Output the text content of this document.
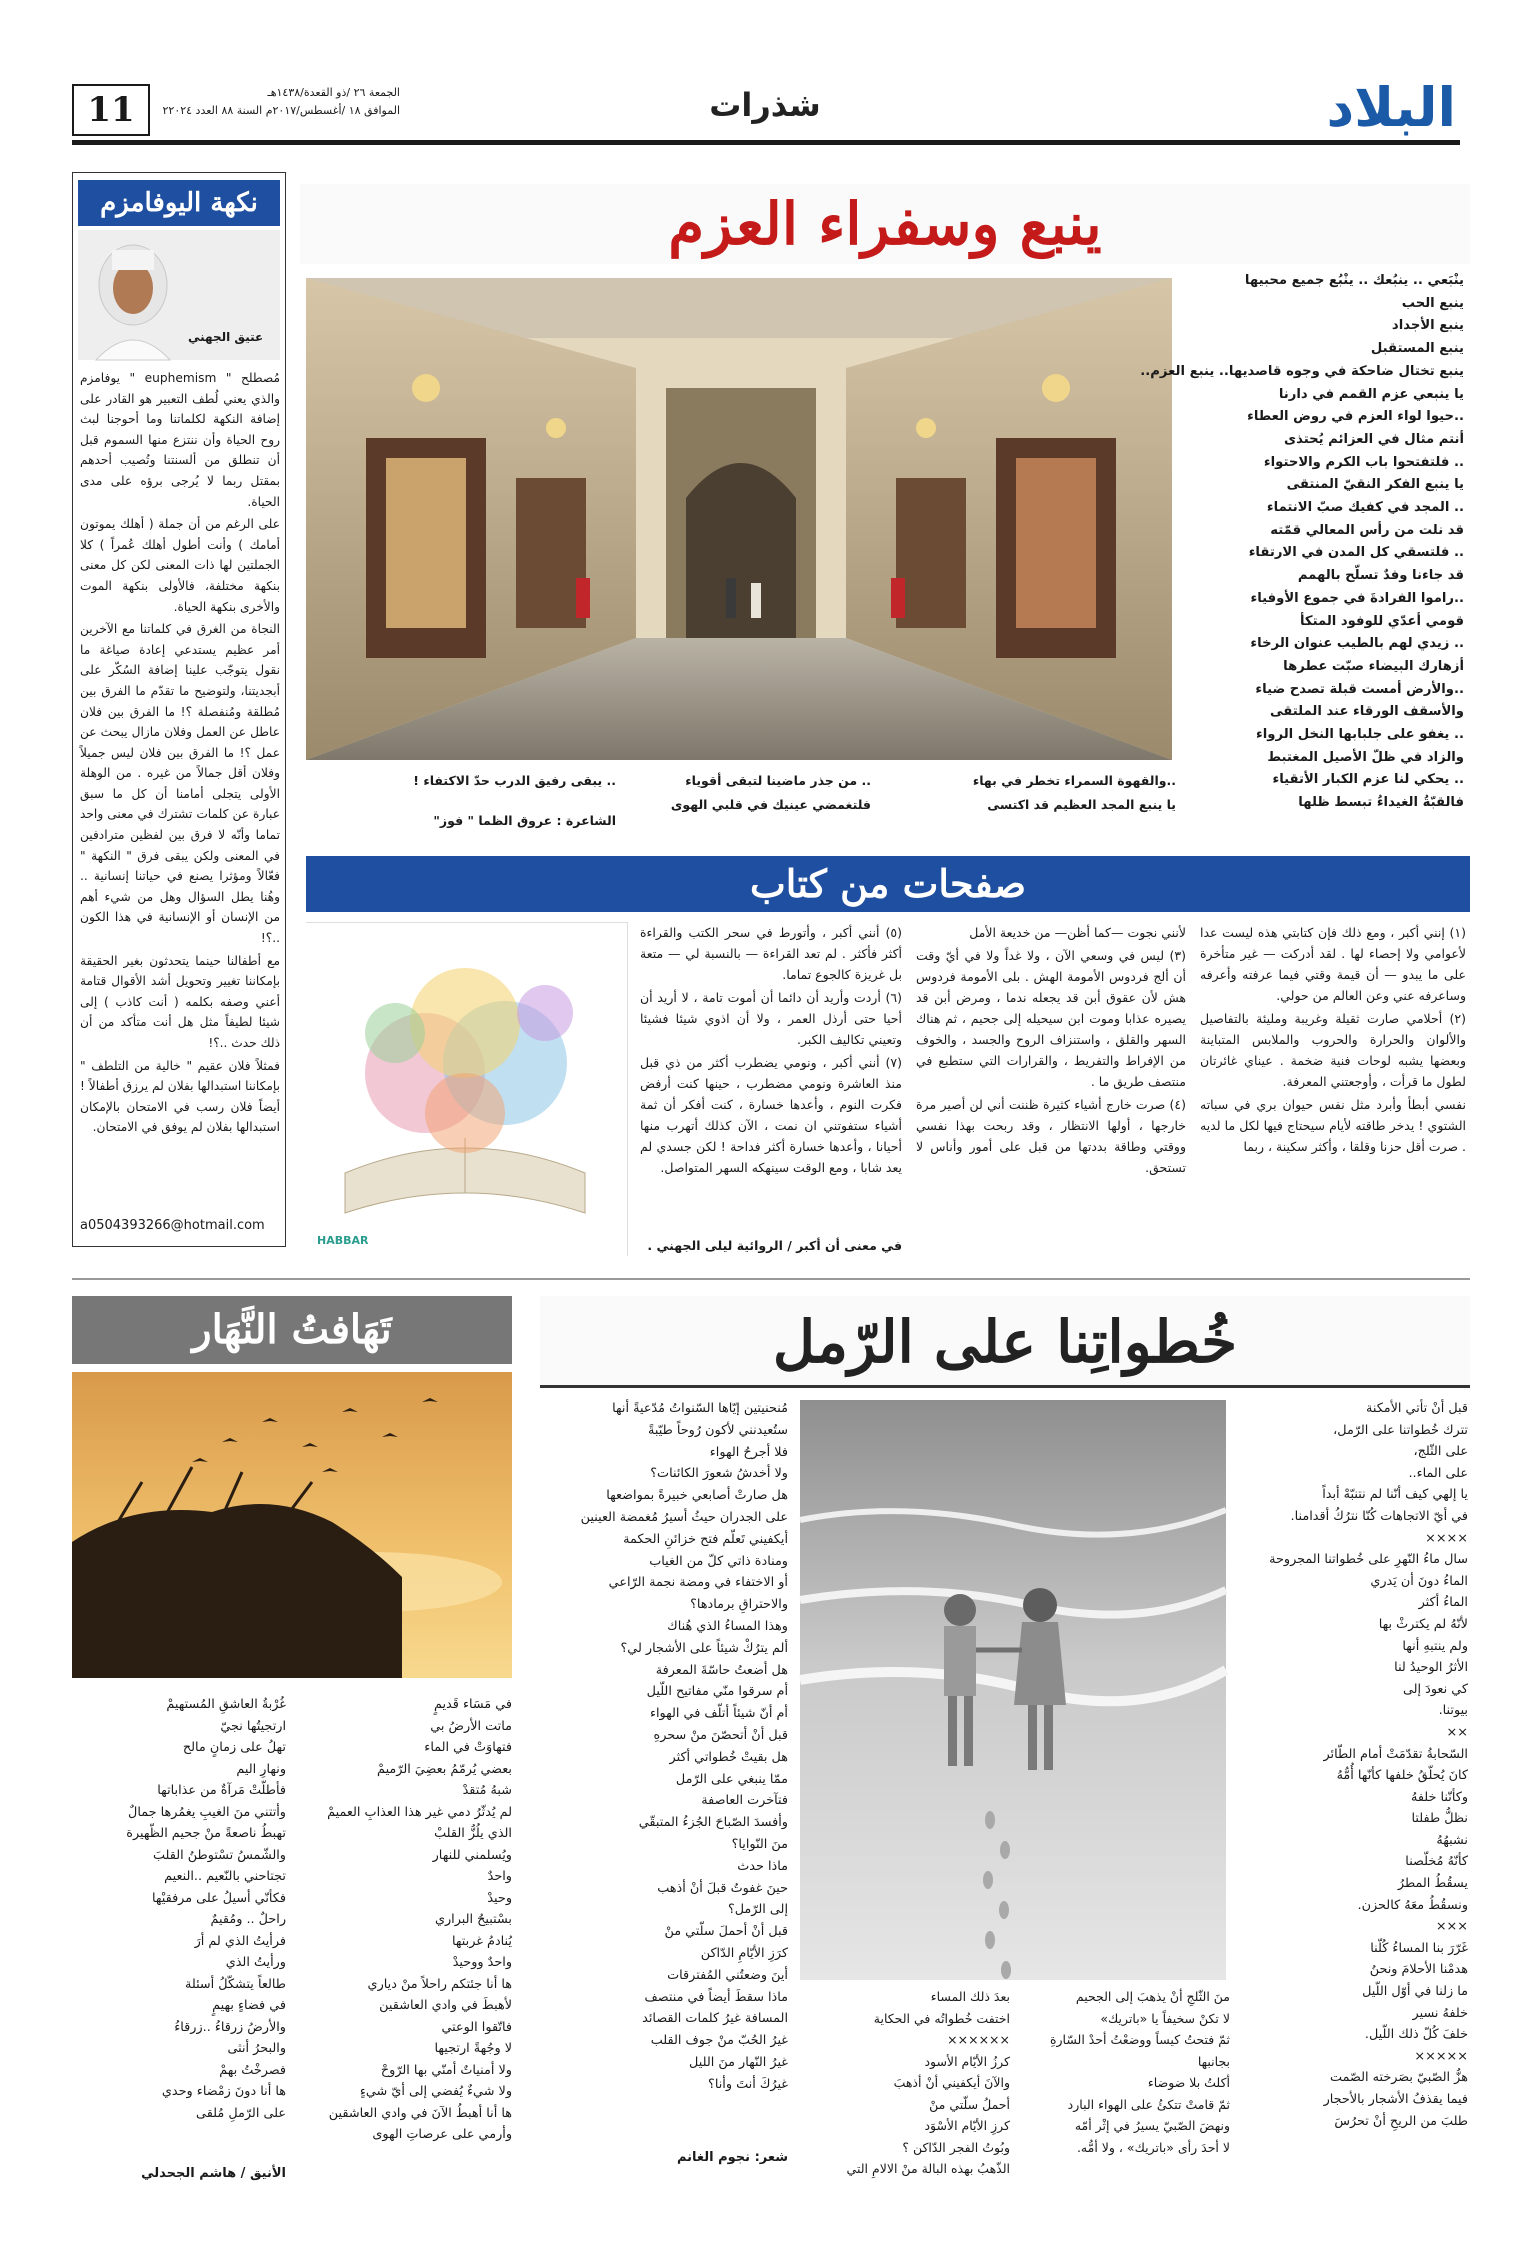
البلاد
شذرات
11	الجمعة ٢٦ /ذو القعدة/١٤٣٨هـ
الموافق ١٨ /أغسطس/٢٠١٧م السنة ٨٨ العدد ٢٢٠٢٤
ينبع وسفراء العزم
ينْبَعي .. ينبُعك .. ينْبُع جميع محبيها
ينبع الحب
ينبع الأجداد
ينبع المستقبل
ينبع تختال ضاحكة في وجوه قاصديها.. ينبع العزم..
يا ينبعي عزم القمم في دارنا
..حيوا لواء العزم في روض العطاء
أنتم مثال في العزائم يُحتذى
.. فلتفتحوا باب الكرم والاحتواء
يا ينبع الفكر النقيّ المنتقى
.. المجد في كفيك صبّ الانتماء
قد نلت من رأس المعالي قمّته
.. فلتسقي كل المدن في الارتقاء
قد جاءنا وفدٌ تسلّح بالهمم
..راموا الفرادةَ في جموع الأوفياء
قومي أعدّي للوفود المتكأ
.. زيدي لهم بالطيب عنوان الرخاء
أزهارك البيضاء صبّت عطرها
..والأرض أمست قبلة تصدح ضياء
والأسقف الورقاء عند الملتقى
.. يغفو على جلبابها النخل الرواء
والزاد في ظلّ الأصيل المغتبط
.. يحكي لنا عزم الكبار الأتقياء
فالقبّةُ الغيداءُ تبسط ظلها
..والقهوة السمراء تخطر في بهاء
يا ينبع المجد العظيم قد اكتسى
.. من جذر ماضينا لتبقى أقوياء
فلتغمضي عينيك في قلبي الهوى
.. يبقى رفيق الدرب حدّ الاكتفاء !
الشاعرة : عروق الظما " فوز"
نكهة اليوفامزم
عتيق الجهني

مُصطلح " euphemism " يوفامزم والذي يعني لُطف التعبير هو القادر على إضافة النكهة لكلماتنا وما أحوجنا لبث روح الحياة وأن ننتزع منها السموم قبل أن تنطلق من ألسنتنا وتُصيب أحدهم بمقتل ربما لا يُرجى برؤه على مدى الحياة.

على الرغم من أن جملة ( أهلك يموتون أمامك ) وأنت أطول أهلك عُمراً ) كلا الجملتين لها ذات المعنى لكن كل معنى بنكهة مختلفة، فالأولى بنكهة الموت والأخرى بنكهة الحياة.

النجاة من الغرق في كلماتنا مع الآخرين أمر عظيم يستدعي إعادة صياغة ما نقول يتوجّب علينا إضافة السُكّر على أبجديتنا، ولتوضيح ما تقدّم ما الفرق بين مُطلقة ومُنفصلة ؟! ما الفرق بين فلان عاطل عن العمل وفلان مازال يبحث عن عمل ؟! ما الفرق بين فلان ليس جميلاً وفلان أقل جمالاً من غيره . من الوهلة الأولى يتجلى أمامنا أن كل ما سبق عبارة عن كلمات تشترك في معنى واحد تماما وأنّه لا فرق بين لفظين مترادفين في المعنى ولكن يبقى فرق " النكهة " فعّالاً ومؤثرا يصنع في حياتنا إنسانية .. وهُنا يطل السؤال وهل من شيء أهم من الإنسان أو الإنسانية في هذا الكون ..؟!

مع أطفالنا حينما يتحدثون بغير الحقيقة بإمكاننا تغيير وتحويل أشد الأقوال قتامة أعني وصفه بكلمه ( أنت كاذب ) إلى شيئا لطيفاً مثل هل أنت متأكد من أن ذلك حدث ..؟!

فمثلاً فلان عقيم " خالية من التلطف " بإمكاننا استبدالها بفلان لم يرزق أطفالاً ! أيضاً فلان رسب في الامتحان بالإمكان استبدالها بفلان لم يوفق في الامتحان.

a0504393266@hotmail.com
صفحات من كتاب

(١) إنني أكبر ، ومع ذلك فإن كتابتي هذه ليست عدا لأعوامي ولا إحصاء لها . لقد أدركت — غير متأخرة على ما يبدو — أن قيمة وقتي فيما عرفته وأعرفه وساعرفه عني وعن العالم من حولي.

(٢) أحلامي صارت ثقيلة وغريبة ومليئة بالتفاصيل والألوان والحرارة والحروب والملابس المتباينة وبعضها يشبه لوحات فنية ضخمة . عيناي غائرتان لطول ما قرأت ، وأوجعتني المعرفة.

نفسي أبطأ وأبرد مثل نفس حيوان بري في سباته الشتوي ! يدخر طاقته لأيام سيحتاج فيها لكل ما لديه . صرت أقل حزنا وقلقا ، وأكثر سكينة ، ربما

لأنني نجوت —كما أظن— من خديعة الأمل

(٣) ليس في وسعي الآن ، ولا غداً ولا في أيّ وقت أن ألج فردوس الأمومة الهش . بلى الأمومة فردوس هش لأن عقوق أبن قد يجعله ندما ، ومرض أبن قد يصيره عذابا وموت ابن سيحيله إلى جحيم ، ثم هناك السهر والقلق ، واستنزاف الروح والجسد ، والخوف من الإفراط والتفريط ، والقرارات التي ستطبع في منتصف طريق ما .

(٤) صرت خارج أشياء كثيرة ظننت أني لن أصير مرة خارجها ، أولها الانتظار ، وقد ربحت بهذا نفسي ووقتي وطاقة بددتها من قبل على أمور وأناس لا تستحق.

(٥) أنني أكبر ، وأتورط في سحر الكتب والقراءة أكثر فأكثر . لم تعد القراءة — بالنسبة لي — متعة بل غريزة كالجوع تماما.

(٦) أردت وأريد أن دائما أن أموت تامة ، لا أريد أن أحيا حتى أرذل العمر ، ولا أن اذوي شيئا فشيئا وتعيني تكاليف الكبر.

(٧) أنني أكبر ، ونومي يضطرب أكثر من ذي قبل منذ العاشرة ونومي مضطرب ، حينها كنت أرفض فكرت النوم ، وأعدها خسارة ، كنت أفكر أن ثمة أشياء ستفوتني ان نمت ، الآن كذلك أتهرب منها أحيانا ، وأعدها خسارة أكثر فداحة ! لكن جسدي لم يعد شابا ، ومع الوقت سينهكه السهر المتواصل.

في معنى أن أكبر / الروائية ليلى الجهني .
HABBAR
خُطواتِنا على الرّمل
قبل أنْ تأتي الأمكنة
تترك خُطواتنا على الرّمل،
على الثّلج،
على الماء..
يا إلهي كيف أنّنا لم نتنبّهْ أبداً
في أيّ الاتجاهات كُنّا نترُكُ أقدامنا.
××××
سال ماءُ النّهرِ على خُطواتنا المجروحة
الماءُ دونَ أن يَدري
الماءُ أكثر
لأنّهُ لم يكترثْ بها
ولم ينتبهِ أنها
الأثرُ الوحيدُ لنا
كي نعودَ إلى
بيوتنا.
××
السّحابةُ تقدّمَتْ أمام الطّائر
كانَ يُحلّقُ خلفها كأنّها أُمُّهُ
وكأنّنا خلفهُ
نظلُّ طفلتا
نشبهُهُ
كأنّهُ مُخلّصنا
يسقُطُ المطرُ
ونسقُطُ معَهُ كالحزن.
×××
غَرّرَ بنا المساءُ كُلّنا
هدمْنا الأحلامَ ونحنُ
ما زلنا في أوّل اللّيل
خلفهُ نسير
خلفَ كُلّ ذلك اللّيل.
×××××
هزُّ الصّبيّ بصَرخته الصّمت
فيما يقذفُ الأشجار بالأحجار
طلبَ من الريحِ أنْ تحرُسَ
مُنحنيتين إيّاها السّنواتُ مُدّعيةً أنها
ستُعيدنني لأكون رُوحاً طيّبةً
فلا أجرحُ الهواء
ولا أخدشُ شعورَ الكائنات؟
هل صارتْ أصابعي خبيرةً بمواضعها
على الجدران حيثُ أسيرُ مُغمضة العينين
أيكفيني تَعلّم فتح خزائنِ الحكمة
ومنادة ذاتي كلّ من الغياب
أو الاختفاء في ومضة نجمة الرّاعي
والاحتراقِ برمادها؟
وهذا المساءُ الذي هُناك
ألم يترُكْ شيئاً على الأشجار لي؟
هل أضعتُ حاسّةَ المعرفة
أم سرقوا منّي مفاتيح اللّيل
أم أنّ شيئاً أتلّف في الهواء
قبل أنْ أتحصّنَ منْ سحرهِ
هل بقيتْ خُطواتي أكثر
ممّا ينبغي على الرّمل
فتآخرت العاصفة
وأفسدَ الصّباحَ الجُزءُ المتبقّي
منَ النّوايا؟
ماذا حدث
حينَ غفوتُ قبلَ أنْ أذهب
إلى الرّمل؟
قبل أنْ أحملَ سلّتي منْ
كرَزِ الأيّامِ الدّاكن
أينَ وضعتُني المُفترقات
ماذا سقطَ أيضاً في منتصف
المسافة غيرُ كلمات القصائد
غيرُ الحُبّ منْ جوف القلب
غيرُ النّهار منَ الليل
غيرُكَ أنتَ وأنا؟
منَ الثّلجِ أنْ يذهبَ إلى الجحيم
لا تكنْ سخيفاً يا «باتريك»
ثمّ فتحتُ كيساً ووضعْتُ أحدْ السّارةِ
بجانبها
أكلتُ بلا ضوضاء
ثمّ قامتْ تتكئُ على الهواء البارد
ونهضَ الصّبيّ يسيرُ في إثْر أمّه
لا أحدَ رأى «باتريك» ، ولا أمُّه.
بعدَ ذلك المساء
اختفت خُطواتُه في الحكاية
××××××
كرزُ الأيّام الأسود
والآنَ أيكفيني أنْ أذهبَ
أحملُ سلّتي منْ
كرزِ الأيّام الأسْوَد
وبُوتُ الفجر الدّاكن ؟
الذّهبُ بهذه البالة منْ الالامِ التي
شعر: نجوم الغانم
تَهَافتُ النَّهَار
في مَسَاء قَديمٍ
ماتت الأرضُ بي
فتهاوَتْ في الماء
بعضي يُرمّمُ بعضِيَ الرّميمْ
شبهُ مُتقدْ
لم يُدثّرُ دمي غير هذا العذابِ العميمْ
الذي يلُزُّ القلبْ
ويُسلمني للنهار
واحدٌ
وحيدْ
بسْتبيحُ البراري
يُنادمُ غربتها
واحدٌ ووحيدْ
ها أنا جئتكم راحلاً منْ دياري
لأهبطَ في وادي العاشقين
فاتّقوا الوعتي
لا وجُهةً ارتجيها
ولا أمنياتٌ أمنّي بها الرّوحْ
ولا شيءٌ يُفضي إلى أيّ شيءٍ
ها أنا أهبطُ الآنَ في وادي العاشقين
وأرمي على عرصاتِ الهوى
غُرْبةُ العاشقِ المُستهيمْ
ارتجيتُها نجيّ
تهلُ على زمانٍ مالح
ونهارِ اليم
فأطلّتْ مَرآةٌ من عذاباتها
وأتتني منَ الغيبِ يغمُرها جمالٌ
تهبطُ ناصعةً منْ جحيم الظّهيرة
والشّمسُ تسْتوطنُ القلبَ
تجتاحني بالنّعيم ..النعيم
فكأنّي أسيلُ على مرفقيْها
راحلٌ .. ومُقيمٌ
فرأيتُ الذي لم أرَ
ورأيتُ الذي
طالعاً يتشكّلُ أسئلة
في فضاءٍ بهيمٍ
والأرضُ زرقاءُ ..زرقاءُ
والبحرُ أنثى
فصرخْتُ بهمْ
ها أنا دونَ زمْضاء وحدي
على الرّملِ مُلقى
الأنيق / هاشم الجحدلي
